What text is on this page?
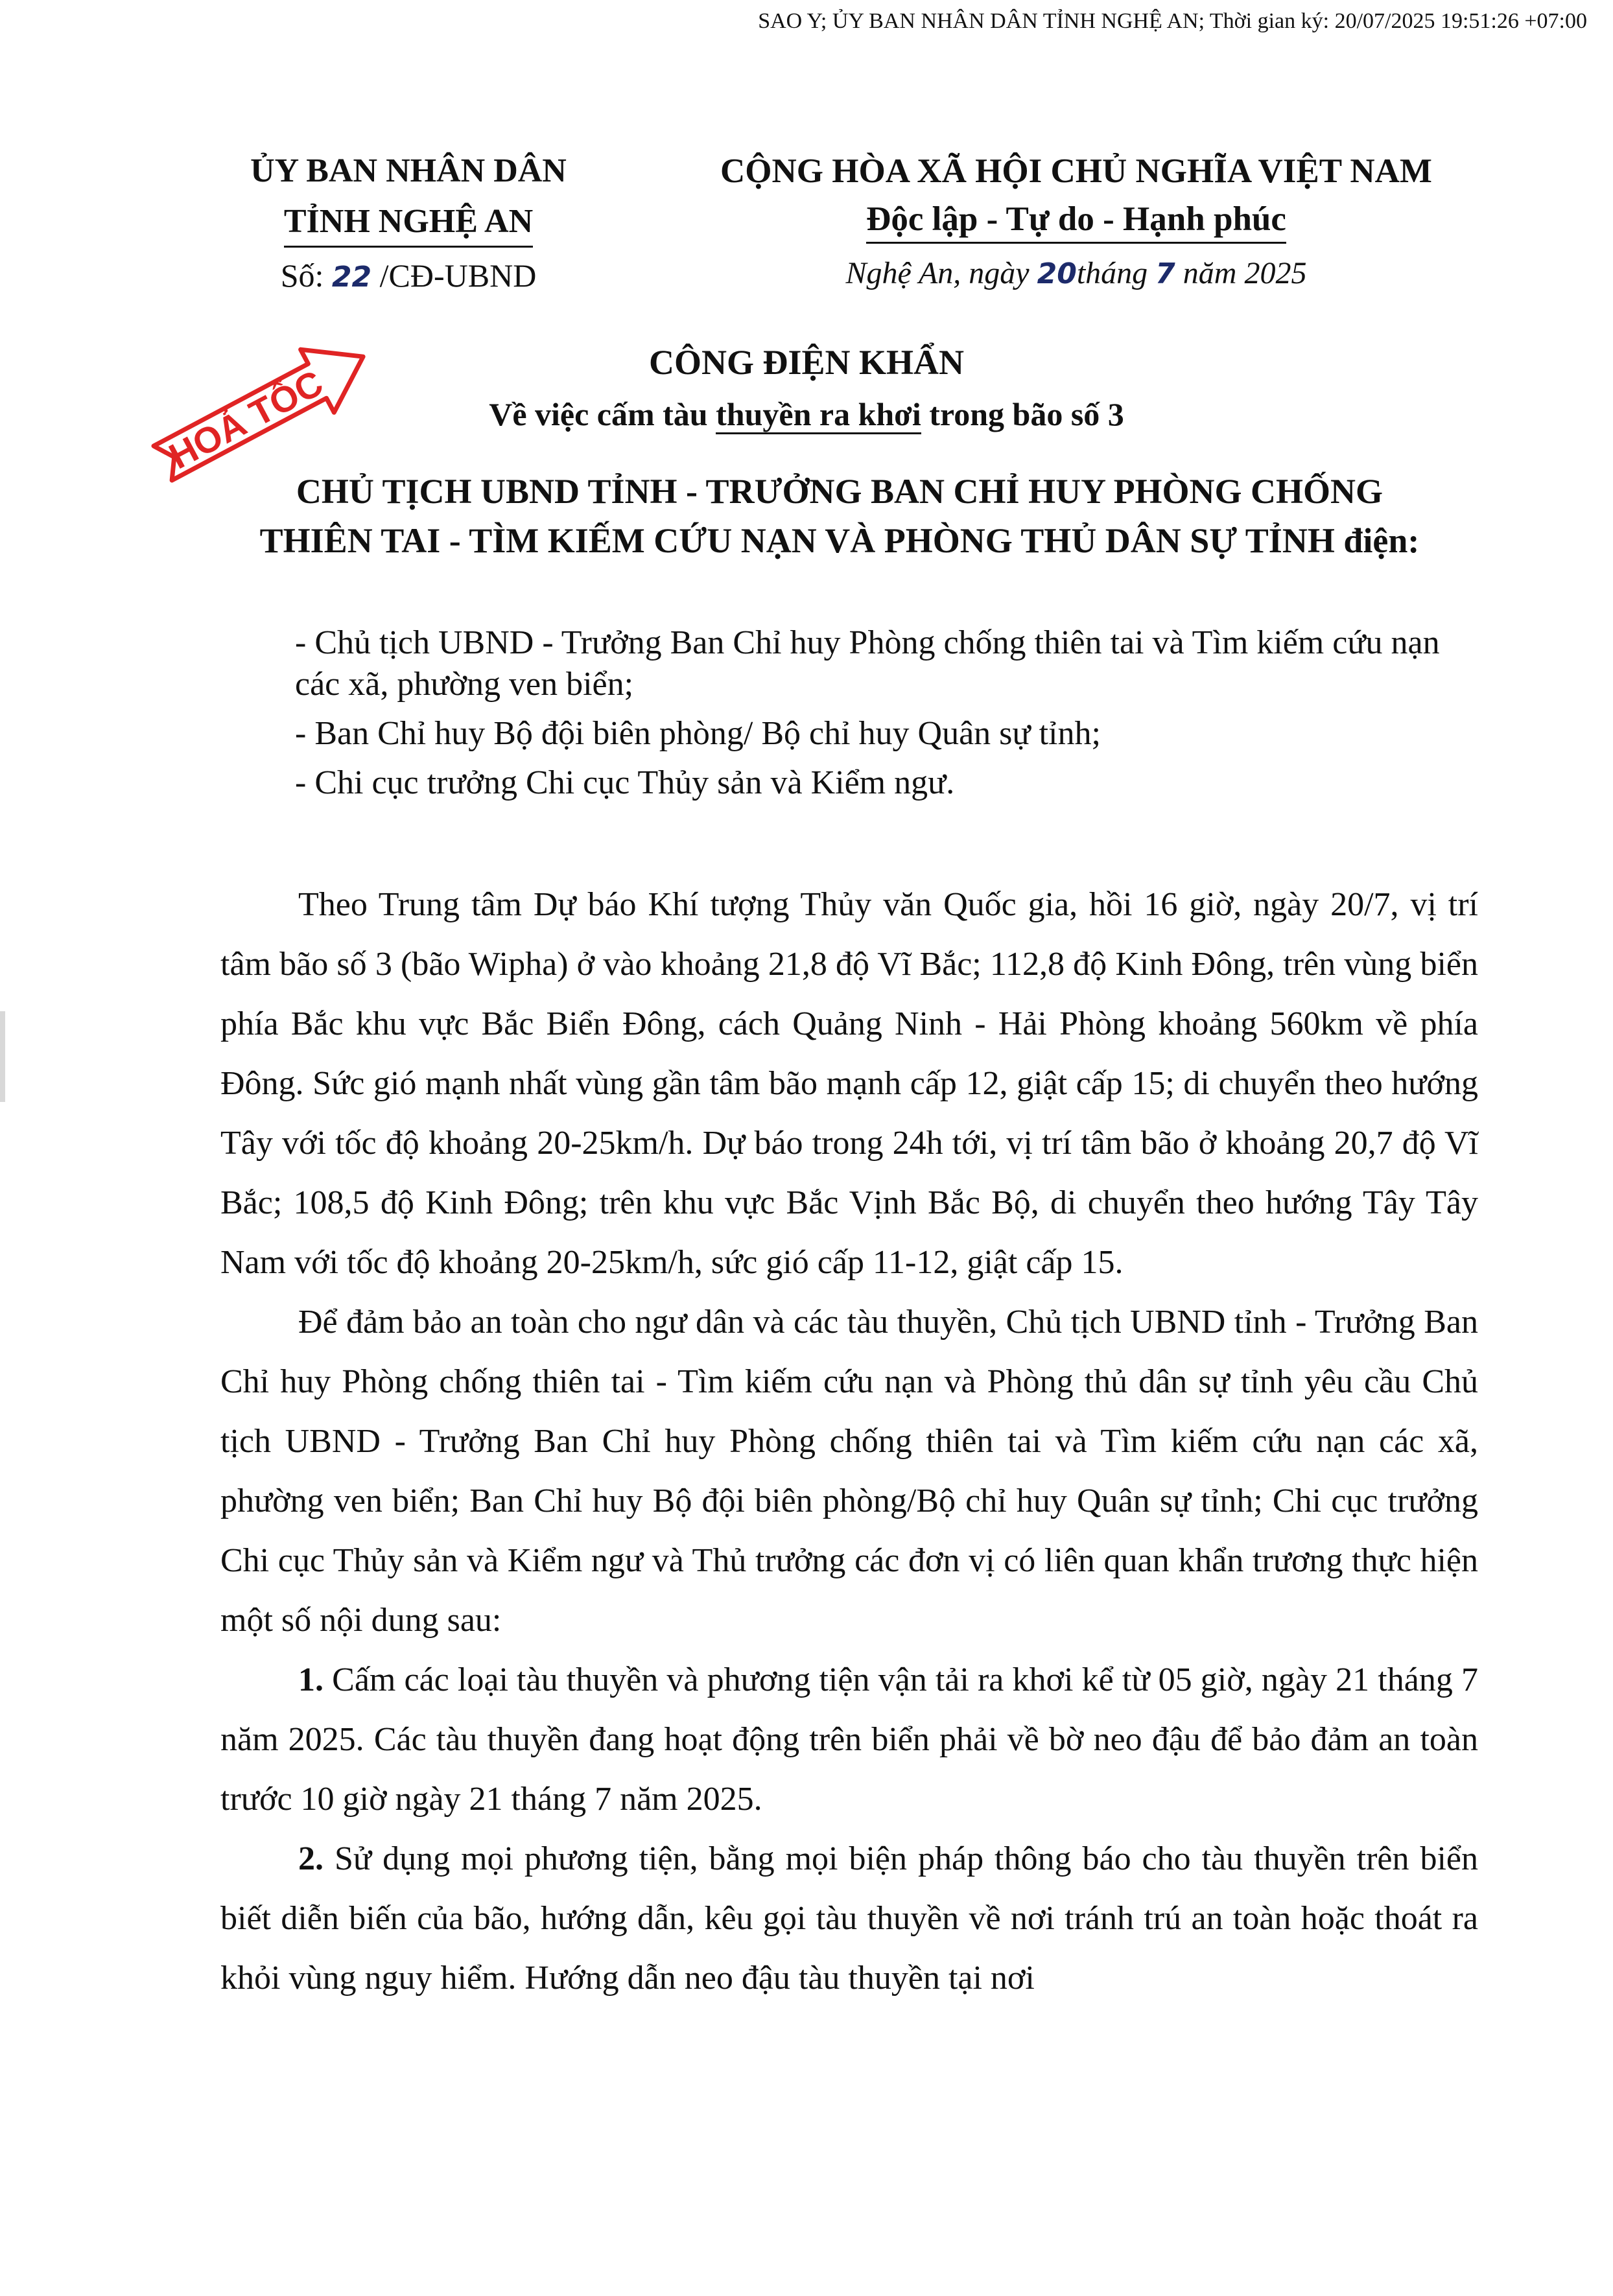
SAO Y; ỦY BAN NHÂN DÂN TỈNH NGHỆ AN; Thời gian ký: 20/07/2025 19:51:26 +07:00
ỦY BAN NHÂN DÂN
TỈNH NGHỆ AN
Số: 22 /CĐ-UBND
CỘNG HÒA XÃ HỘI CHỦ NGHĨA VIỆT NAM
Độc lập - Tự do - Hạnh phúc
Nghệ An, ngày 20tháng 7 năm 2025
HOẢ TỐC	CÔNG ĐIỆN KHẨN
Về việc cấm tàu thuyền ra khơi trong bão số 3
CHỦ TỊCH UBND TỈNH - TRƯỞNG BAN CHỈ HUY PHÒNG CHỐNG
THIÊN TAI - TÌM KIẾM CỨU NẠN VÀ PHÒNG THỦ DÂN SỰ TỈNH điện:
- Chủ tịch UBND - Trưởng Ban Chỉ huy Phòng chống thiên tai và Tìm kiếm cứu nạn các xã, phường ven biển;
- Ban Chỉ huy Bộ đội biên phòng/ Bộ chỉ huy Quân sự tỉnh;
- Chi cục trưởng Chi cục Thủy sản và Kiểm ngư.

Theo Trung tâm Dự báo Khí tượng Thủy văn Quốc gia, hồi 16 giờ, ngày 20/7, vị trí tâm bão số 3 (bão Wipha) ở vào khoảng 21,8 độ Vĩ Bắc; 112,8 độ Kinh Đông, trên vùng biển phía Bắc khu vực Bắc Biển Đông, cách Quảng Ninh - Hải Phòng khoảng 560km về phía Đông. Sức gió mạnh nhất vùng gần tâm bão mạnh cấp 12, giật cấp 15; di chuyển theo hướng Tây với tốc độ khoảng 20-25km/h. Dự báo trong 24h tới, vị trí tâm bão ở khoảng 20,7 độ Vĩ Bắc; 108,5 độ Kinh Đông; trên khu vực Bắc Vịnh Bắc Bộ, di chuyển theo hướng Tây Tây Nam với tốc độ khoảng 20-25km/h, sức gió cấp 11-12, giật cấp 15.

Để đảm bảo an toàn cho ngư dân và các tàu thuyền, Chủ tịch UBND tỉnh - Trưởng Ban Chỉ huy Phòng chống thiên tai - Tìm kiếm cứu nạn và Phòng thủ dân sự tỉnh yêu cầu Chủ tịch UBND - Trưởng Ban Chỉ huy Phòng chống thiên tai và Tìm kiếm cứu nạn các xã, phường ven biển; Ban Chỉ huy Bộ đội biên phòng/Bộ chỉ huy Quân sự tỉnh; Chi cục trưởng Chi cục Thủy sản và Kiểm ngư và Thủ trưởng các đơn vị có liên quan khẩn trương thực hiện một số nội dung sau:

1. Cấm các loại tàu thuyền và phương tiện vận tải ra khơi kể từ 05 giờ, ngày 21 tháng 7 năm 2025. Các tàu thuyền đang hoạt động trên biển phải về bờ neo đậu để bảo đảm an toàn trước 10 giờ ngày 21 tháng 7 năm 2025.

2. Sử dụng mọi phương tiện, bằng mọi biện pháp thông báo cho tàu thuyền trên biển biết diễn biến của bão, hướng dẫn, kêu gọi tàu thuyền về nơi tránh trú an toàn hoặc thoát ra khỏi vùng nguy hiểm. Hướng dẫn neo đậu tàu thuyền tại nơi
